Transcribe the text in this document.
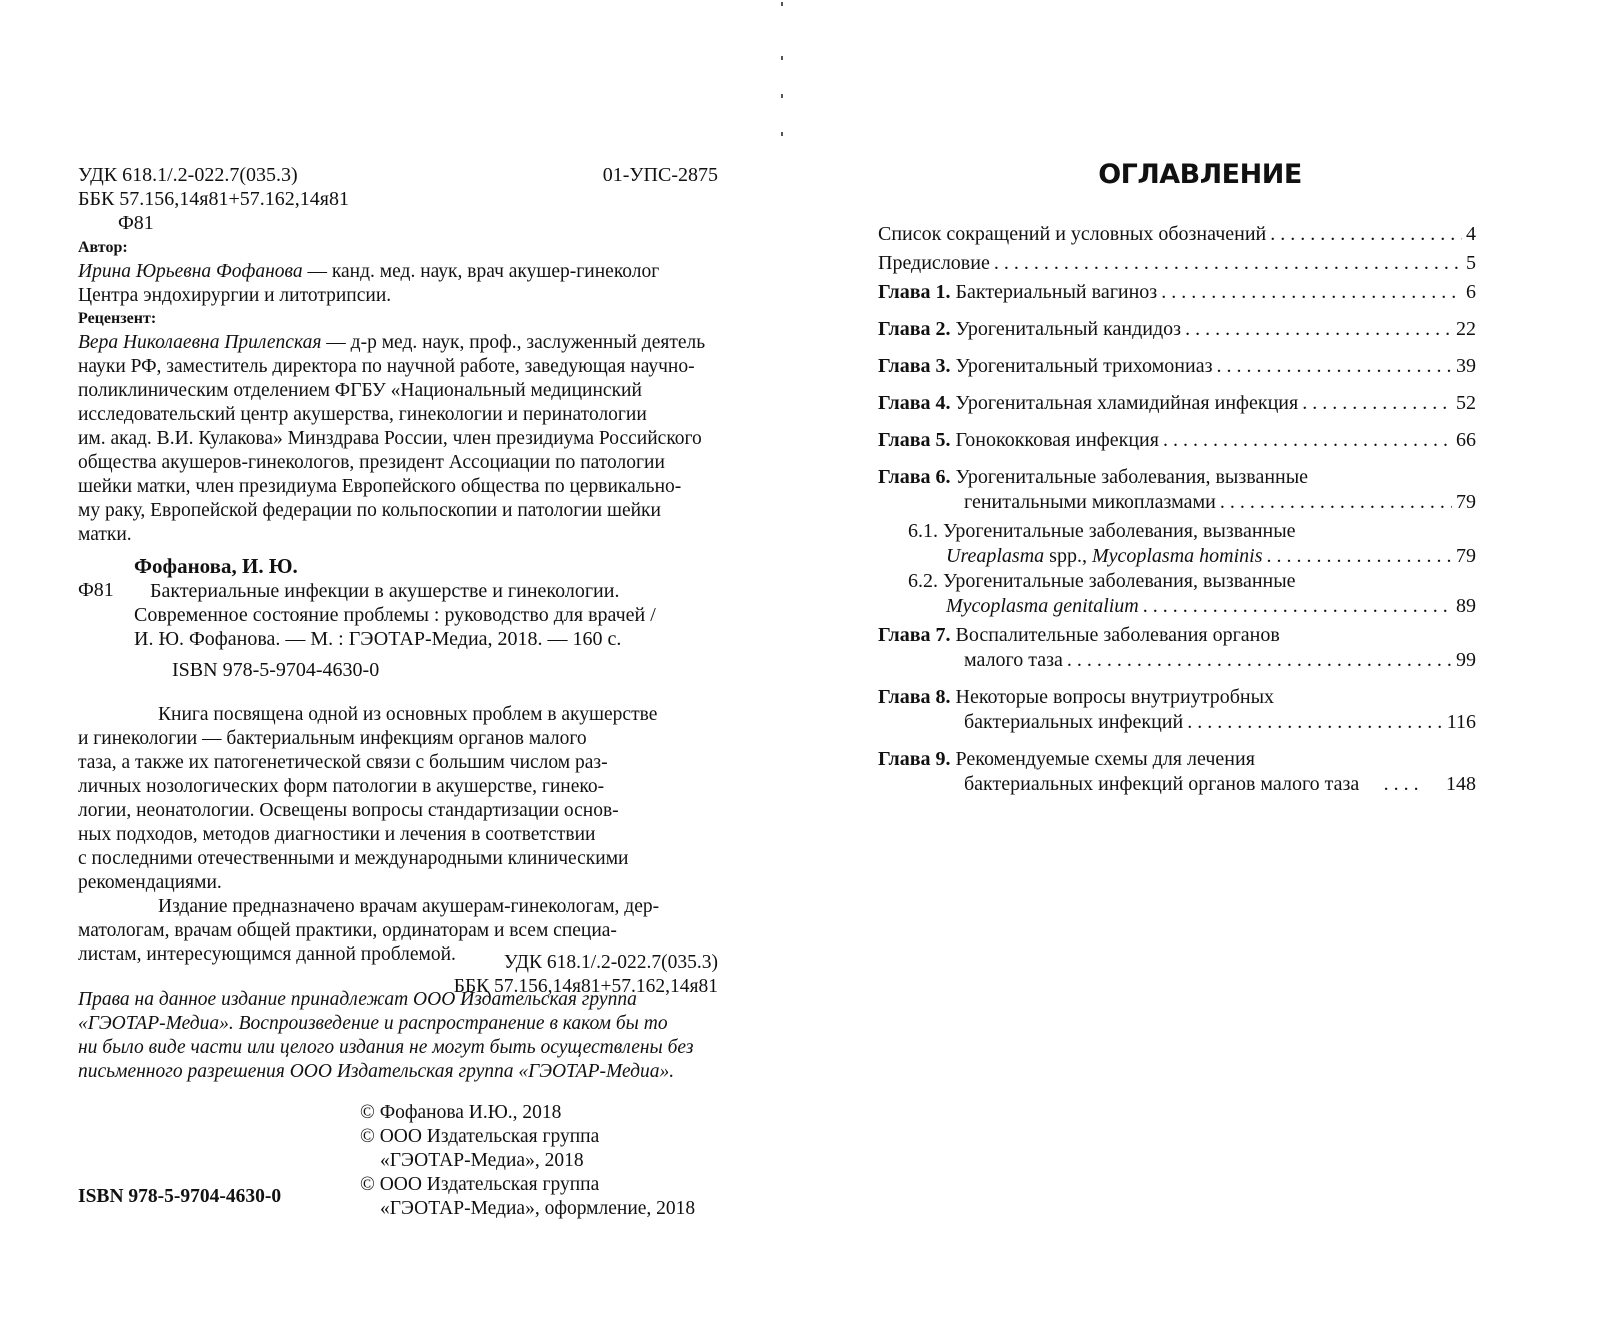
УДК 618.1/.2-022.7(035.3)	01-УПС-2875
ББК 57.156,14я81+57.162,14я81
Ф81
Автор:
Ирина Юрьевна Фофанова — канд. мед. наук, врач акушер-гинеколог
Центра эндохирургии и литотрипсии.
Рецензент:
Вера Николаевна Прилепская — д-р мед. наук, проф., заслуженный деятель
науки РФ, заместитель директора по научной работе, заведующая научно-
поликлиническим отделением ФГБУ «Национальный медицинский
исследовательский центр акушерства, гинекологии и перинатологии
им. акад. В.И. Кулакова» Минздрава России, член президиума Российского
общества акушеров-гинекологов, президент Ассоциации по патологии
шейки матки, член президиума Европейского общества по цервикально-
му раку, Европейской федерации по кольпоскопии и патологии шейки
матки.
Фофанова, И. Ю.
Ф81	Бактериальные инфекции в акушерстве и гинекологии.
Современное состояние проблемы : руководство для врачей /
И. Ю. Фофанова. — М. : ГЭОТАР-Медиа, 2018. — 160 с.
ISBN 978-5-9704-4630-0
Книга посвящена одной из основных проблем в акушерстве
и гинекологии — бактериальным инфекциям органов малого
таза, а также их патогенетической связи с большим числом раз-
личных нозологических форм патологии в акушерстве, гинеко-
логии, неонатологии. Освещены вопросы стандартизации основ-
ных подходов, методов диагностики и лечения в соответствии
с последними отечественными и международными клиническими
рекомендациями.
Издание предназначено врачам акушерам-гинекологам, дер-
матологам, врачам общей практики, ординаторам и всем специа-
листам, интересующимся данной проблемой.	УДК 618.1/.2-022.7(035.3)
ББК 57.156,14я81+57.162,14я81
Права на данное издание принадлежат ООО Издательская группа
«ГЭОТАР-Медиа». Воспроизведение и распространение в каком бы то
ни было виде части или целого издания не могут быть осуществлены без
письменного разрешения ООО Издательская группа «ГЭОТАР-Медиа».
© Фофанова И.Ю., 2018
© ООО Издательская группа
«ГЭОТАР-Медиа», 2018
© ООО Издательская группа
«ГЭОТАР-Медиа», оформление, 2018
ISBN 978-5-9704-4630-0
ОГЛАВЛЕНИЕ
Список сокращений и условных обозначений . . .	4
Предисловие . . .	5
Глава 1. Бактериальный вагиноз . . .	6
Глава 2. Урогенитальный кандидоз . . .	22
Глава 3. Урогенитальный трихомониаз . . .	39
Глава 4. Урогенитальная хламидийная инфекция . . .	52
Глава 5. Гонококковая инфекция . . .	66
Глава 6. Урогенитальные заболевания, вызванные
генитальными микоплазмами . . .	79
6.1. Урогенитальные заболевания, вызванные
Ureaplasma spp., Mycoplasma hominis . . .	79
6.2. Урогенитальные заболевания, вызванные
Mycoplasma genitalium . . .	89
Глава 7. Воспалительные заболевания органов
малого таза . . .	99
Глава 8. Некоторые вопросы внутриутробных
бактериальных инфекций . . .	116
Глава 9. Рекомендуемые схемы для лечения
бактериальных инфекций органов малого таза . . .	148
